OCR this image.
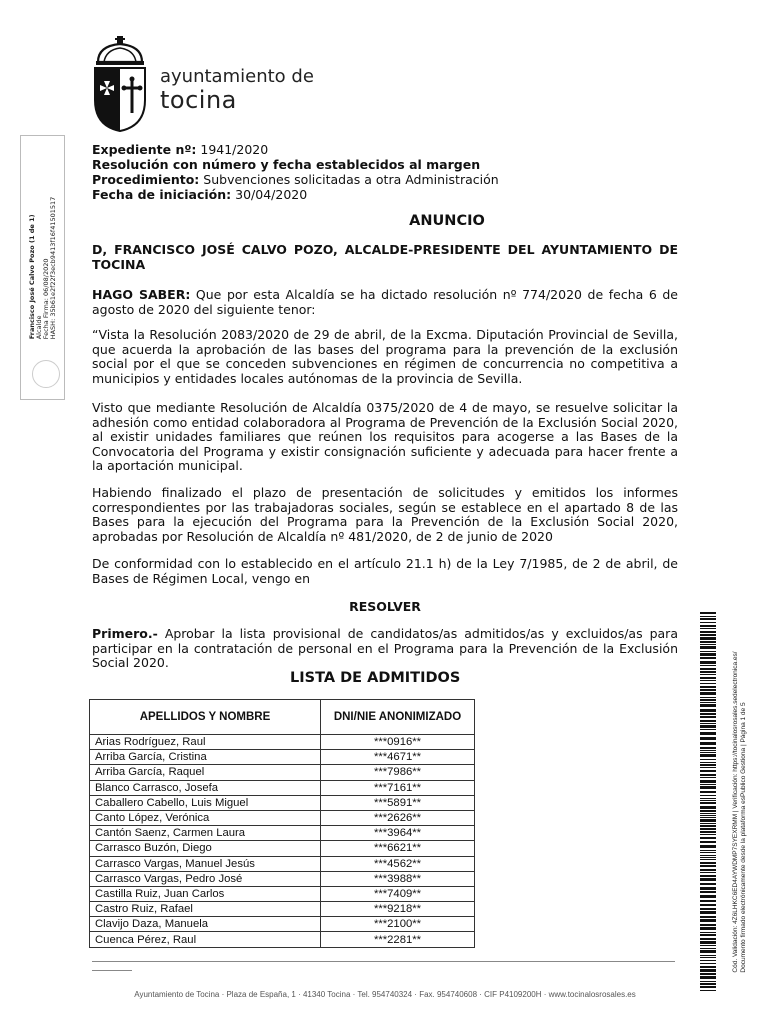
ayuntamiento de
tocina
Francisco José Calvo Pozo (1 de 1) Alcalde Fecha Firma: 06/08/2020 HASH: 35b61e2f22f3ecb9413f16f41501517
Expediente nº: 1941/2020
Resolución con número y fecha establecidos al margen
Procedimiento: Subvenciones solicitadas a otra Administración
Fecha de iniciación: 30/04/2020
ANUNCIO
D, FRANCISCO JOSÉ CALVO POZO, ALCALDE-PRESIDENTE DEL AYUNTAMIENTO DE TOCINA
HAGO SABER: Que por esta Alcaldía se ha dictado resolución nº 774/2020 de fecha 6 de agosto de 2020 del siguiente tenor:
“Vista la Resolución 2083/2020 de 29 de abril, de la Excma. Diputación Provincial de Sevilla, que acuerda la aprobación de las bases del programa para la prevención de la exclusión social por el que se conceden subvenciones en régimen de concurrencia no competitiva a municipios y entidades locales autónomas de la provincia de Sevilla.
Visto que mediante Resolución de Alcaldía 0375/2020 de 4 de mayo, se resuelve solicitar la adhesión como entidad colaboradora al Programa de Prevención de la Exclusión Social 2020, al existir unidades familiares que reúnen los requisitos para acogerse a las Bases de la Convocatoria del Programa y existir consignación suficiente y adecuada para hacer frente a la aportación municipal.
Habiendo finalizado el plazo de presentación de solicitudes y emitidos los informes correspondientes por las trabajadoras sociales, según se establece en el apartado 8 de las Bases para la ejecución del Programa para la Prevención de la Exclusión Social 2020, aprobadas por Resolución de Alcaldía nº 481/2020, de 2 de junio de 2020
De conformidad con lo establecido en el artículo 21.1 h) de la Ley 7/1985, de 2 de abril, de Bases de Régimen Local, vengo en
RESOLVER
Primero.- Aprobar la lista provisional de candidatos/as admitidos/as y excluidos/as para participar en la contratación de personal en el Programa para la Prevención de la Exclusión Social 2020.
LISTA DE ADMITIDOS
APELLIDOS Y NOMBRE	DNI/NIE ANONIMIZADO
Arias Rodríguez, Raul	***0916**
Arriba García, Cristina	***4671**
Arriba García, Raquel	***7986**
Blanco Carrasco, Josefa	***7161**
Caballero Cabello, Luis Miguel	***5891**
Canto López, Verónica	***2626**
Cantón Saenz, Carmen Laura	***3964**
Carrasco Buzón, Diego	***6621**
Carrasco Vargas, Manuel Jesús	***4562**
Carrasco Vargas, Pedro José	***3988**
Castilla Ruiz, Juan Carlos	***7409**
Castro Ruiz, Rafael	***9218**
Clavijo Daza, Manuela	***2100**
Cuenca Pérez, Raul	***2281**
Ayuntamiento de Tocina · Plaza de España, 1 · 41340 Tocina · Tel. 954740324 · Fax. 954740608 · CIF P4109200H · www.tocinalosrosales.es
Cód. Validación: 4Z6LHKC6ED4AYWDMP7SYEXRMM | Verificación: https://tocinalosrosales.sedelectronica.es/ Documento firmado electrónicamente desde la plataforma esPublico Gestiona | Página 1 de 5
